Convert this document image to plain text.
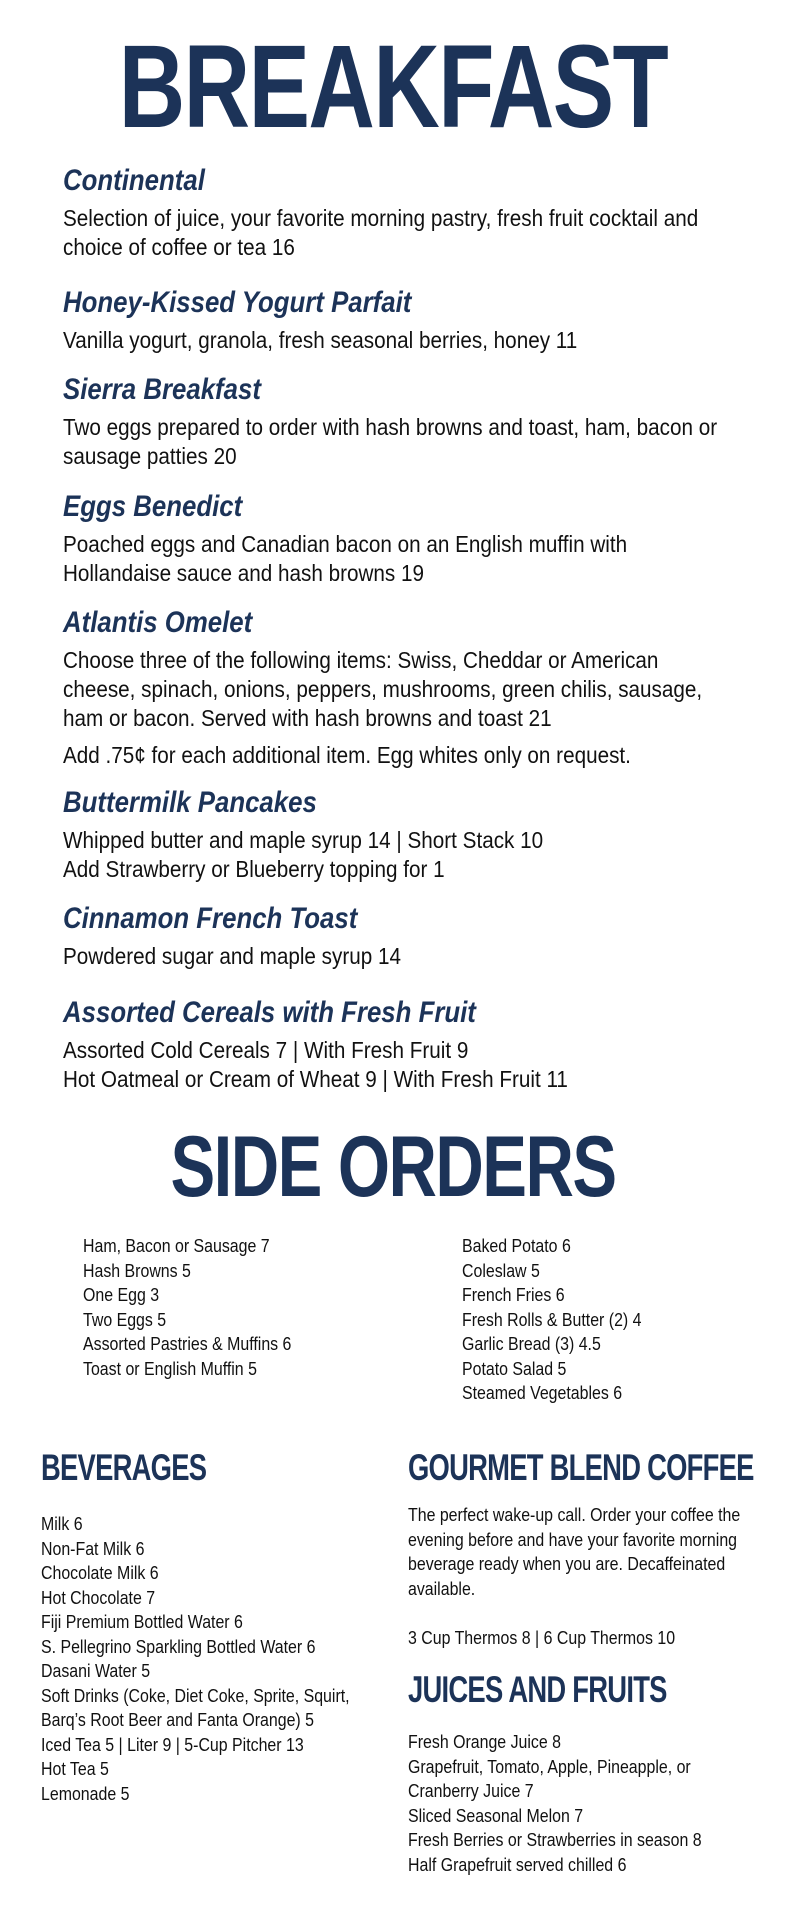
BREAKFAST
Continental
Selection of juice, your favorite morning pastry, fresh fruit cocktail and choice of coffee or tea 16
Honey-Kissed Yogurt Parfait
Vanilla yogurt, granola, fresh seasonal berries, honey 11
Sierra Breakfast
Two eggs prepared to order with hash browns and toast, ham, bacon or sausage patties 20
Eggs Benedict
Poached eggs and Canadian bacon on an English muffin with Hollandaise sauce and hash browns 19
Atlantis Omelet
Choose three of the following items: Swiss, Cheddar or American cheese, spinach, onions, peppers, mushrooms, green chilis, sausage, ham or bacon. Served with hash browns and toast 21
Add .75¢ for each additional item. Egg whites only on request.
Buttermilk Pancakes
Whipped butter and maple syrup 14 | Short Stack 10
Add Strawberry or Blueberry topping for 1
Cinnamon French Toast
Powdered sugar and maple syrup 14
Assorted Cereals with Fresh Fruit
Assorted Cold Cereals 7 | With Fresh Fruit 9
Hot Oatmeal or Cream of Wheat 9 | With Fresh Fruit 11
SIDE ORDERS
Ham, Bacon or Sausage 7
Hash Browns 5
One Egg 3
Two Eggs 5
Assorted Pastries & Muffins 6
Toast or English Muffin 5
Baked Potato 6
Coleslaw 5
French Fries 6
Fresh Rolls & Butter (2) 4
Garlic Bread (3) 4.5
Potato Salad 5
Steamed Vegetables 6
BEVERAGES
Milk 6
Non-Fat Milk 6
Chocolate Milk 6
Hot Chocolate 7
Fiji Premium Bottled Water 6
S. Pellegrino Sparkling Bottled Water 6
Dasani Water 5
Soft Drinks (Coke, Diet Coke, Sprite, Squirt,
Barq’s Root Beer and Fanta Orange) 5
Iced Tea 5 | Liter 9 | 5-Cup Pitcher 13
Hot Tea 5
Lemonade 5
GOURMET BLEND COFFEE
The perfect wake-up call. Order your coffee the evening before and have your favorite morning beverage ready when you are. Decaffeinated available.
3 Cup Thermos 8 | 6 Cup Thermos 10
JUICES AND FRUITS
Fresh Orange Juice 8
Grapefruit, Tomato, Apple, Pineapple, or
Cranberry Juice 7
Sliced Seasonal Melon 7
Fresh Berries or Strawberries in season 8
Half Grapefruit served chilled 6
